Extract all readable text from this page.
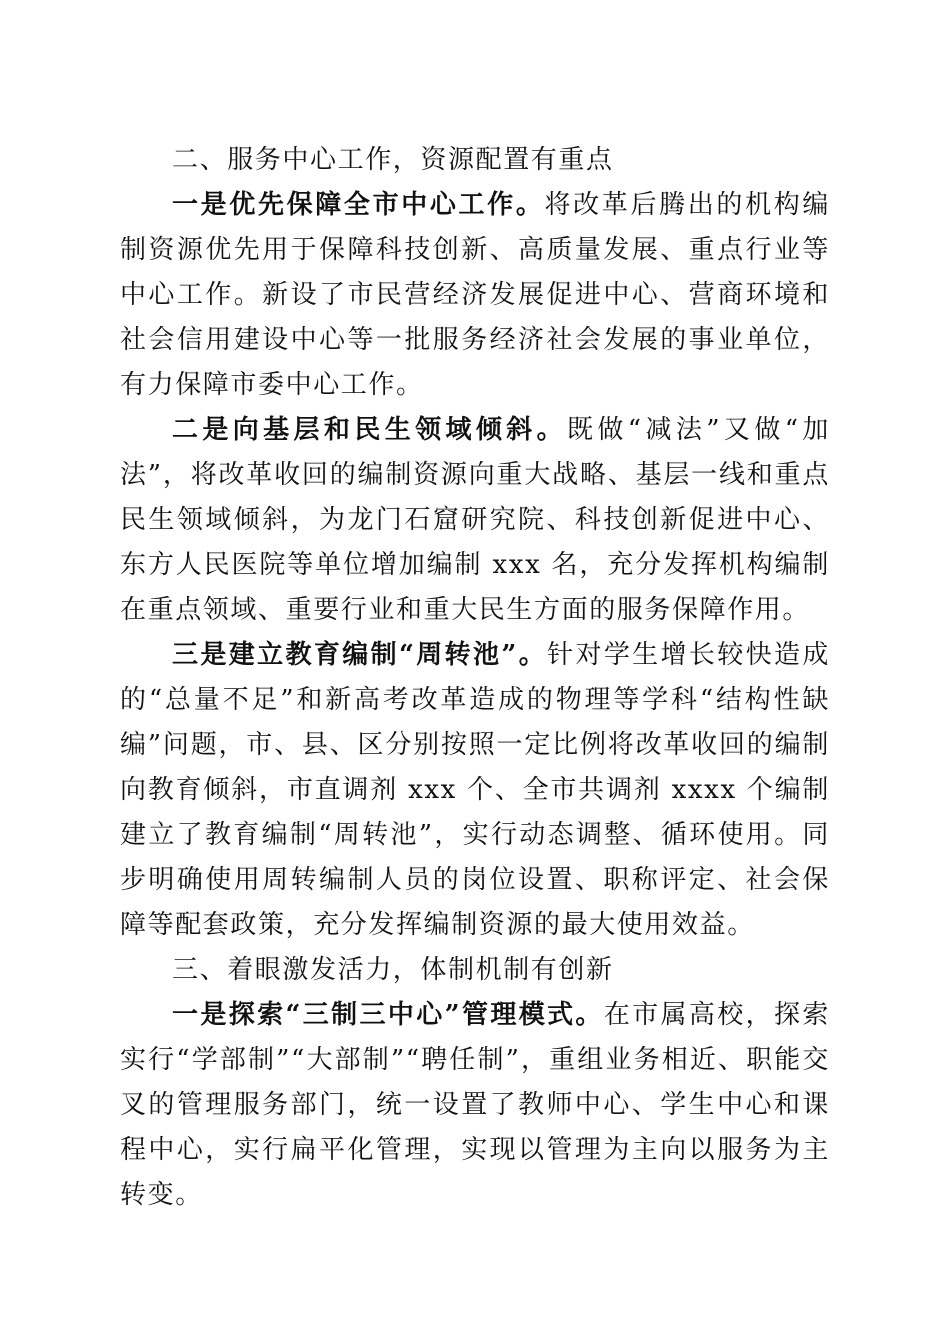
二、服务中心工作，资源配置有重点

一是优先保障全市中心工作。将改革后腾出的机构编制资源优先用于保障科技创新、高质量发展、重点行业等中心工作。新设了市民营经济发展促进中心、营商环境和社会信用建设中心等一批服务经济社会发展的事业单位，有力保障市委中心工作。

二是向基层和民生领域倾斜。既做“减法”又做“加法”，将改革收回的编制资源向重大战略、基层一线和重点民生领域倾斜，为龙门石窟研究院、科技创新促进中心、东方人民医院等单位增加编制 xxx 名，充分发挥机构编制在重点领域、重要行业和重大民生方面的服务保障作用。

三是建立教育编制“周转池”。针对学生增长较快造成的“总量不足”和新高考改革造成的物理等学科“结构性缺编”问题，市、县、区分别按照一定比例将改革收回的编制向教育倾斜，市直调剂 xxx 个、全市共调剂 xxxx 个编制建立了教育编制“周转池”，实行动态调整、循环使用。同步明确使用周转编制人员的岗位设置、职称评定、社会保障等配套政策，充分发挥编制资源的最大使用效益。

三、着眼激发活力，体制机制有创新

一是探索“三制三中心”管理模式。在市属高校，探索实行“学部制”“大部制”“聘任制”，重组业务相近、职能交叉的管理服务部门，统一设置了教师中心、学生中心和课程中心，实行扁平化管理，实现以管理为主向以服务为主转变。
